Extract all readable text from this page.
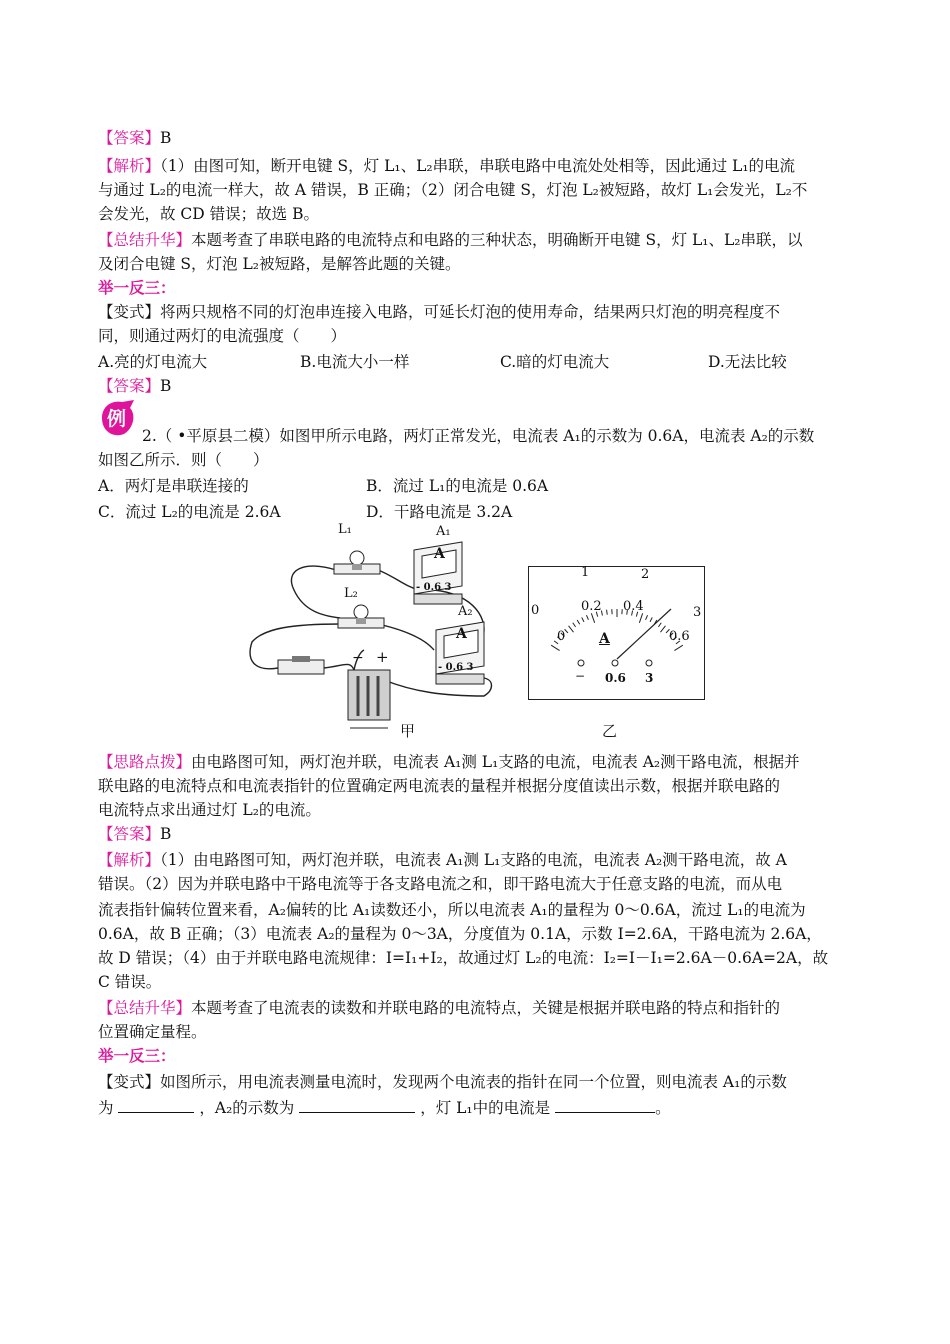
【答案】B
【解析】（1）由图可知，断开电键 S，灯 L₁、L₂串联，串联电路中电流处处相等，因此通过 L₁的电流
与通过 L₂的电流一样大，故 A 错误，B 正确；（2）闭合电键 S，灯泡 L₂被短路，故灯 L₁会发光，L₂不
会发光，故 CD 错误；故选 B。
【总结升华】本题考查了串联电路的电流特点和电路的三种状态，明确断开电键 S，灯 L₁、L₂串联，以
及闭合电键 S，灯泡 L₂被短路，是解答此题的关键。
举一反三：
【变式】将两只规格不同的灯泡串连接入电路，可延长灯泡的使用寿命，结果两只灯泡的明亮程度不
同，则通过两灯的电流强度（　　）
A.亮的灯电流大	B.电流大小一样	C.暗的灯电流大	D.无法比较
【答案】B
例
2.（ •平原县二模）如图甲所示电路，两灯正常发光，电流表 A₁的示数为 0.6A，电流表 A₂的示数
如图乙所示．则（　　）
A．两灯是串联连接的	B．流过 L₁的电流是 0.6A
C．流过 L₂的电流是 2.6A	D．干路电流是 3.2A
L₁
L₂
A₁
A₂
A
A
- 0.6 3
- 0.6 3
− +
甲
0
1	2
3
0
0.2 0.4
0.6
A
− 0.6 3
乙
【思路点拨】由电路图可知，两灯泡并联，电流表 A₁测 L₁支路的电流，电流表 A₂测干路电流，根据并
联电路的电流特点和电流表指针的位置确定两电流表的量程并根据分度值读出示数，根据并联电路的
电流特点求出通过灯 L₂的电流。
【答案】B
【解析】（1）由电路图可知，两灯泡并联，电流表 A₁测 L₁支路的电流，电流表 A₂测干路电流，故 A
错误。（2）因为并联电路中干路电流等于各支路电流之和，即干路电流大于任意支路的电流，而从电
流表指针偏转位置来看，A₂偏转的比 A₁读数还小，所以电流表 A₁的量程为 0～0.6A，流过 L₁的电流为
0.6A，故 B 正确；（3）电流表 A₂的量程为 0～3A，分度值为 0.1A，示数 I=2.6A，干路电流为 2.6A，
故 D 错误；（4）由于并联电路电流规律：I=I₁+I₂，故通过灯 L₂的电流：I₂=I－I₁=2.6A－0.6A=2A，故
C 错误。
【总结升华】本题考查了电流表的读数和并联电路的电流特点，关键是根据并联电路的特点和指针的
位置确定量程。
举一反三：
【变式】如图所示，用电流表测量电流时，发现两个电流表的指针在同一个位置，则电流表 A₁的示数
为	，A₂的示数为	，灯 L₁中的电流是	。
